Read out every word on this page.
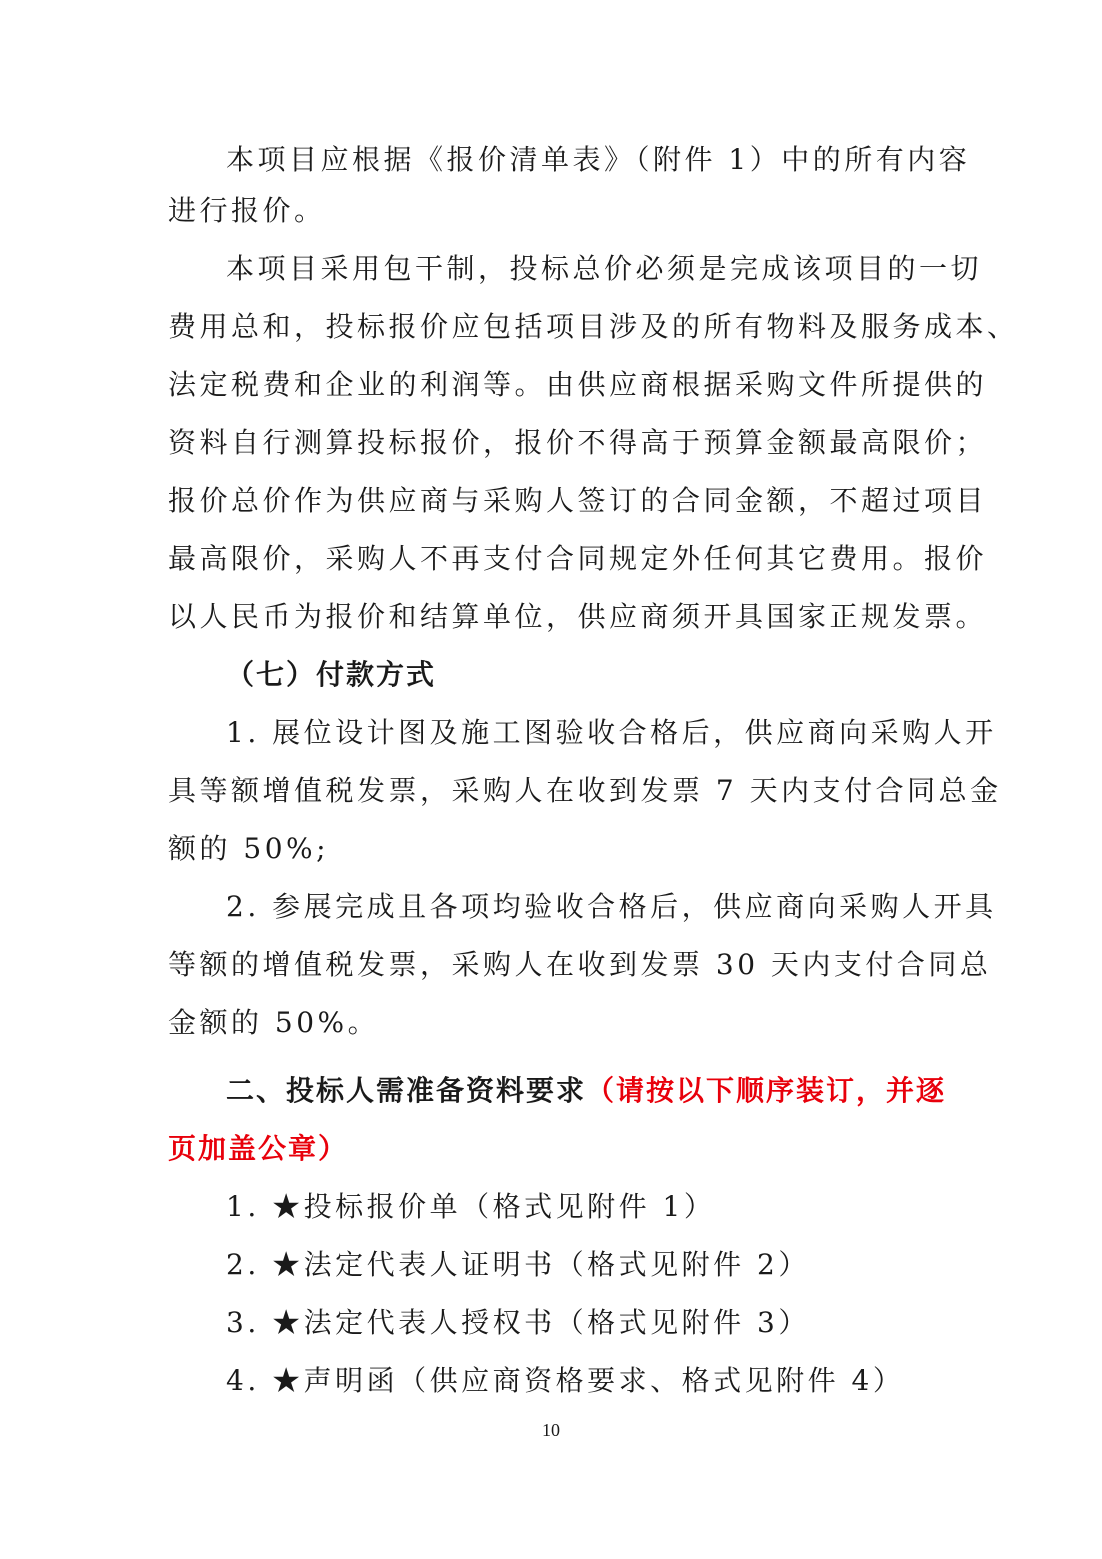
本项目应根据《报价清单表》（附件 1）中的所有内容
进行报价。
本项目采用包干制，投标总价必须是完成该项目的一切
费用总和，投标报价应包括项目涉及的所有物料及服务成本、
法定税费和企业的利润等。由供应商根据采购文件所提供的
资料自行测算投标报价，报价不得高于预算金额最高限价；
报价总价作为供应商与采购人签订的合同金额，不超过项目
最高限价，采购人不再支付合同规定外任何其它费用。报价
以人民币为报价和结算单位，供应商须开具国家正规发票。
（七）付款方式
1. 展位设计图及施工图验收合格后，供应商向采购人开
具等额增值税发票，采购人在收到发票 7 天内支付合同总金
额的 50%;
2. 参展完成且各项均验收合格后，供应商向采购人开具
等额的增值税发票，采购人在收到发票 30 天内支付合同总
金额的 50%。
二、投标人需准备资料要求（请按以下顺序装订，并逐
页加盖公章）
1. ★投标报价单（格式见附件 1）
2. ★法定代表人证明书（格式见附件 2）
3. ★法定代表人授权书（格式见附件 3）
4. ★声明函（供应商资格要求、格式见附件 4）
10
